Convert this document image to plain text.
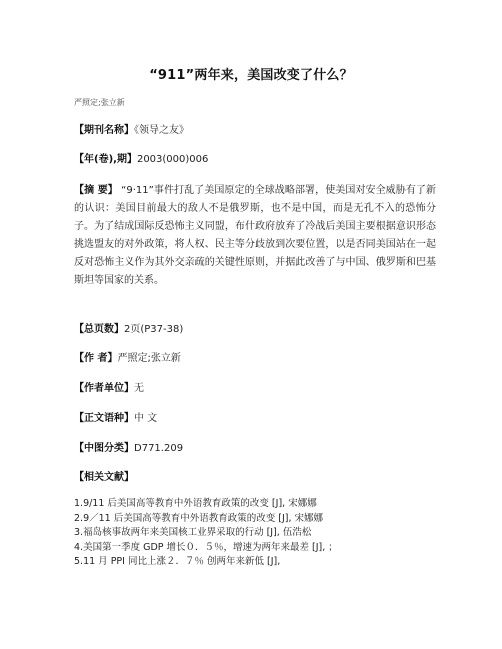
“911”两年来，美国改变了什么？
严照定;张立新
【期刊名称】《领导之友》
【年(卷),期】2003(000)006
【摘 要】 “9·11”事件打乱了美国原定的全球战略部署，使美国对安全威胁有了新的认识：美国目前最大的敌人不是俄罗斯，也不是中国，而是无孔不入的恐怖分子。为了结成国际反恐怖主义同盟，布什政府放弃了冷战后美国主要根据意识形态挑选盟友的对外政策，将人权、民主等分歧放到次要位置，以是否同美国站在一起反对恐怖主义作为其外交亲疏的关键性原则，并据此改善了与中国、俄罗斯和巴基斯坦等国家的关系。
【总页数】2页(P37-38)
【作 者】严照定;张立新
【作者单位】无
【正文语种】中 文
【中图分类】D771.209
【相关文献】
1.9/11 后美国高等教育中外语教育政策的改变 [J], 宋娜娜
2.9／11 后美国高等教育中外语教育政策的改变 [J], 宋娜娜
3.福岛核事故两年来美国核工业界采取的行动 [J], 伍浩松
4.美国第一季度 GDP 增长０．５％，增速为两年来最差 [J], ；
5.11 月 PPI 同比上涨２．７％ 创两年来新低 [J],
